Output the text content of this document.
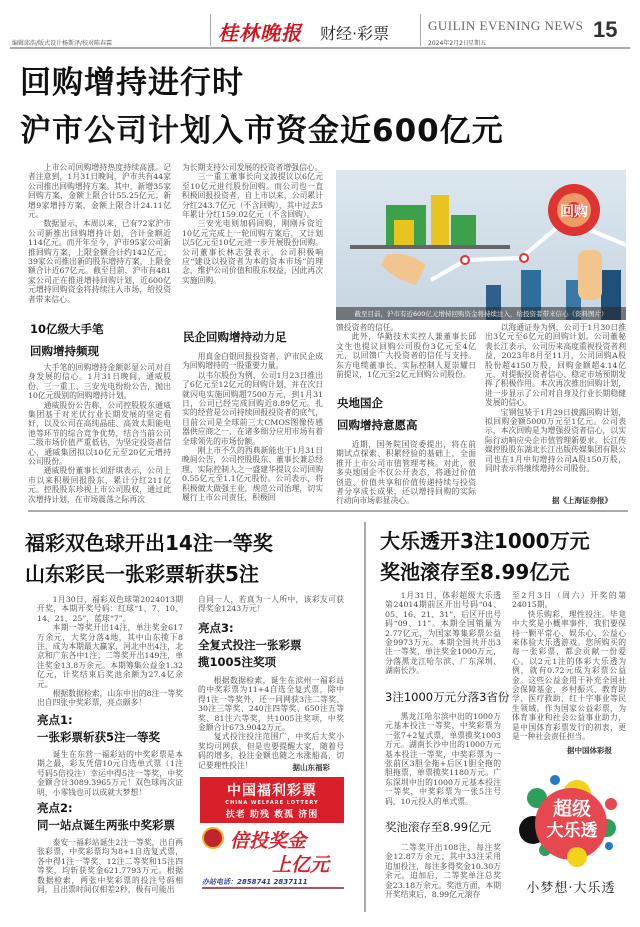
编辑邱浩/版式设计杨斯泽/校对陈春霖	桂林晚报 财经·彩票	GUILIN EVENING NEWS
2024年2月2日 星期五
15
回购增持进行时
沪市公司计划入市资金近600亿元

上市公司回购增持热度持续高涨。记者注意到，1月31日晚间，沪市共有44家公司推出回购增持方案。其中，新增35家回购方案，金额上限合计55.25亿元；新增9家增持方案，金额上限合计24.11亿元。

数据显示，本周以来，已有72家沪市公司新推出回购增持计划，合计金额近114亿元。而开年至今，沪市95家公司新推回购方案，上限金额合计约142亿元；39家公司推出新的股东增持方案，上限金额合计近67亿元。截至目前，沪市有481家公司正在推进增持回购计划，近600亿元增持回购资金将持续注入市场，给投资者带来信心。

10亿级大手笔
回购增持频现

大手笔的回购增持金额彰显公司对自身发展的信心。1月31日晚间，通威股份、三一重工、三安光电纷纷公告，抛出10亿元级别的回购增持计划。

通威股份公告称，公司控股股东通威集团基于对光伏行业长期发展的坚定看好，以及公司在高纯晶硅、高效太阳能电池等环节的综合竞争优势，结合当前公司二级市场价值严重低估，为坚定投资者信心，通威集团拟以10亿元至20亿元增持公司股份。

通威股份董事长刘舒琪表示，公司上市以来积极回报股东，累计分红211亿元。控股股东珍视上市公司股权，通过此次增持计划，在市场震荡之际再次

为长期支持公司发展的投资者增强信心。

三一重工董事长向文波提议以6亿元至10亿元进行股份回购。而公司也一直积极回报投资者，自上市以来，公司累计分红243.7亿元（不含回购），其中过去5年累计分红159.02亿元（不含回购）。

三安光电则加码回购，刚刚斥资近10亿元完成上一轮回购方案后，又计划以5亿元至10亿元进一步开展股份回购。公司董事长林志强表示，公司积极响应“建设以投资者为本的资本市场”的理念，维护公司价值和股东权益，因此再次实施回购。

民企回购增持动力足

用真金白银回报投资者，沪市民企成为回购增持的一股重要力量。

以韦尔股份为例，公司1月23日推出了6亿元至12亿元的回购计划，并在次日就闪电实施回购超7500万元，到1月31日，公司已经完成回购近8.89亿元。扎实的经营是公司持续回报投资者的底气，目前公司是全球前三大CMOS图像传感器供应商之一，在诸多细分应用市场有着全球领先的市场份额。

刚上市不久的西典新能也于1月31日晚间公告，公司控股股东、董事长兼总经理、实际控制人之一盛建华提议公司回购0.55亿元至1.1亿元股份。公司表示，将积极做大做强主业，规范公司治理，切实履行上市公司责任，积极回

回购
截至目前，沪市有近600亿元增持回购资金将持续注入，给投资者带来信心（资料图片）

馈投资者的信任。

此外，华勤技术实控人兼董事长邱文生也提议回购公司股份3亿元至4亿元，以回馈广大投资者的信任与支持。东方电缆董事长、实际控制人夏崇耀日前提议，1亿元至2亿元回购公司股份。

央地国企
回购增持意愿高

近期，国务院国资委提出，将在前期试点探索、积累经验的基础上，全面推开上市公司市值管理考核。对此，很多央地国企不仅公开表态，将通过价值创造、价值共享和价值传递持续与投资者分享成长成果，还以增持回购的实际行动向市场彰显决心。

以海通证券为例，公司于1月30日推出3亿元至6亿元的回购计划。公司董秘裴长江表示，公司历来高度重视投资者利益，2023年8月至11月，公司回购A股股份超4150万股，回购金额超4.14亿元，对提振投资者信心、稳定市场预期发挥了积极作用。本次再次推出回购计划，进一步显示了公司对自身及行业长期稳健发展的信心。

宝钢包装于1月29日披露回购计划，拟回购金额5000万元至1亿元。公司表示，本次回购是为增强投资者信心，以实际行动响应央企市值管理新要求。长江传媒控股股东湖北长江出版传媒集团有限公司也在1月中旬增持公司A股150万股，同时表示将继续增持公司股份。

据《上海证券报》
福彩双色球开出14注一等奖
山东彩民一张彩票斩获5注

1月30日，福彩双色球第2024013期开奖，本期开奖号码：红球“1、7、10、14、21、25”，蓝球“7”。

本期一等奖开出14注，单注奖金617万余元，大奖分落4地，其中山东揽下8注，成为本期最大赢家，河北中出4注，北京和广东各中1注；二等奖开出149注，单注奖金13.8万余元。本期筹集公益金1.32亿元，计奖结束后奖池余额为27.4亿余元。

根据数据检索，山东中出的8注一等奖出自四张中奖彩票，亮点颇多！

亮点1:
一张彩票斩获5注一等奖

诞生在东营一福彩站的中奖彩票是本期之最，彩友凭借10元自选单式票（1注号码5倍投注）幸运中得5注一等奖，中奖金额合计3089.3965万元！双色球再次证明，小零钱也可以成就大梦想！

亮点2:
同一站点诞生两张中奖彩票

泰安一福彩站诞生2注一等奖，出自两张彩票，中奖彩票均为8+1自选复式票，各中得1注一等奖、12注二等奖和15注四等奖，均斩获奖金621.7793万元。根据数据检索，两张中奖彩票的投注号码相同，且出票时间仅相差2秒，极有可能出

自同一人，若真为一人所中，该彩友可获得奖金1243万元！

亮点3:
全复式投注一张彩票
揽1005注奖项

根据数据检索，诞生在滨州一福彩站的中奖彩票为11+4自选全复式票，除中得1注一等奖外，还一同网获3注二等奖、30注三等奖、240注四等奖、650注五等奖、81注六等奖，共1005注奖项，中奖金额合计673.9042万元。

复式投注投注范围广，中奖后大奖小奖均可网获，但是也要提醒大家，随着号码的增多，投注金额也随之水涨船高，切记要理性投注！	据山东福彩
中国福利彩票
CHINA WELFARE LOTTERY
扶老 助残 救孤 济困
倍投奖金
上亿元
办站电话：2858741 2837111
大乐透开3注1000万元
奖池滚存至8.99亿元

1月31日，体彩超级大乐透第24014期前区开出号码“04、05、16、21、31”，后区开出号码“09、11”。本期全国销量为2.77亿元，为国家筹集彩票公益金9973万元。本期全国共开出3注一等奖，单注奖金1000万元，分落黑龙江哈尔滨、广东深圳、湖南长沙。

3注1000万元分落3省份

黑龙江哈尔滨中出的1000万元基本投注一等奖，中奖彩票为一张7+2复式票，单票揽奖1003万元。湖南长沙中出的1000万元基本投注一等奖，中奖彩票为一张前区3胆全拖+后区1胆全拖的胆拖票，单票揽奖1180万元。广东深圳中出的1000万元基本投注一等奖，中奖彩票为一张5注号码，10元投入的单式票。

奖池滚存至8.99亿元

二等奖开出108注，每注奖金12.87万余元；其中33注采用追加投注，每注多得奖金10.30万余元。追加后，二等奖单注总奖金23.18万余元。奖池方面，本期开奖结束后，8.99亿元滚存

至2月3日（周六）开奖的第24015期。

快乐购彩，理性投注。毕竟中大奖是小概率事件，我们要保持一颗平常心、娱乐心、公益心来体验大乐透游戏。您所购买的每一张彩票，都会贡献一份爱心。以2元1注的体彩大乐透为例，就有0.72元成为彩票公益金。这些公益金用于补充全国社会保障基金、乡村振兴、教育助学、医疗救助、红十字事业等民生领域。作为国家公益彩票，为体育事业和社会公益事业助力，是中国体育彩票发行的初衷，更是一种社会责任担当。

据中国体彩报
超级
大乐透
小梦想·大乐透
